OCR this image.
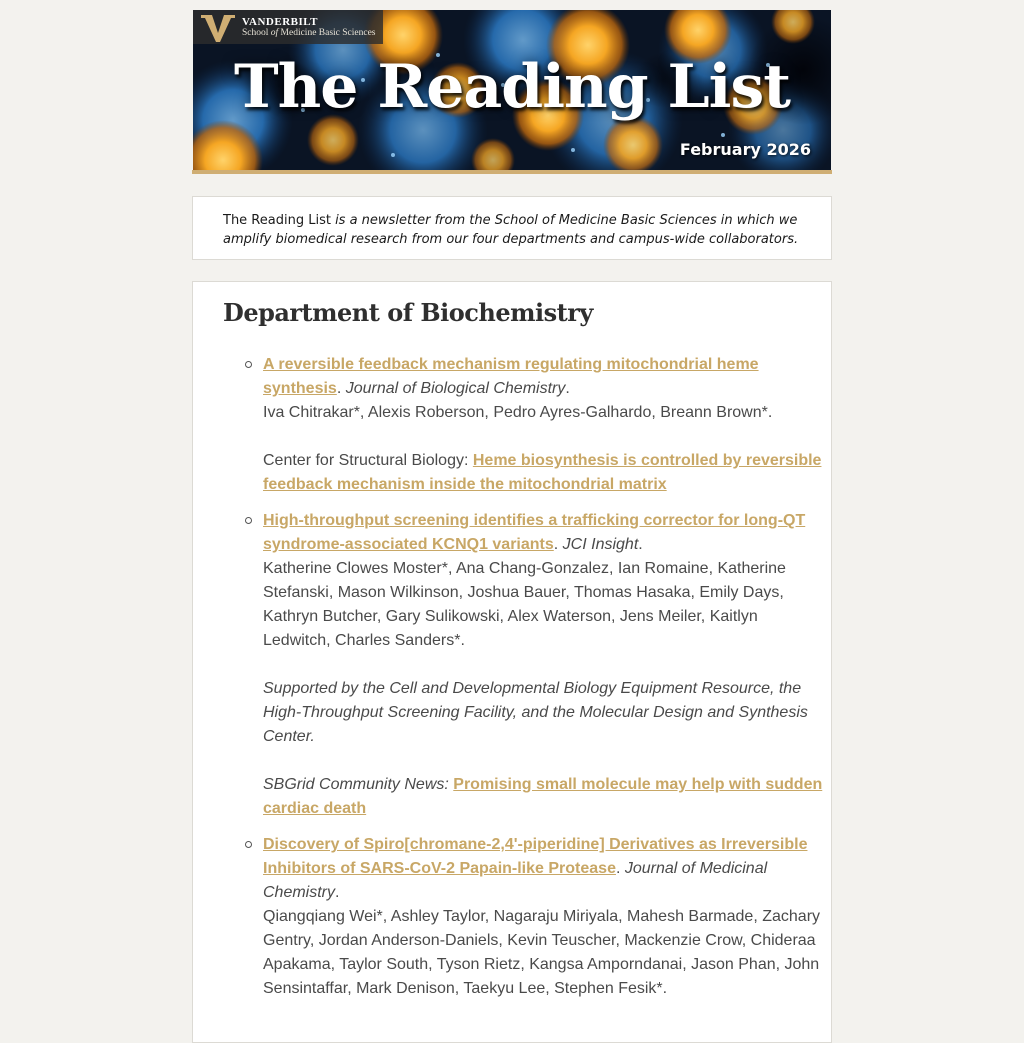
VANDERBILT
School of Medicine Basic Sciences
The Reading List
February 2026

The Reading List is a newsletter from the School of Medicine Basic Sciences in which we amplify biomedical research from our four departments and campus-wide collaborators.

Department of Biochemistry
A reversible feedback mechanism regulating mitochondrial heme synthesis. Journal of Biological Chemistry.
Iva Chitrakar*, Alexis Roberson, Pedro Ayres-Galhardo, Breann Brown*.
Center for Structural Biology: Heme biosynthesis is controlled by reversible feedback mechanism inside the mitochondrial matrix
High-throughput screening identifies a trafficking corrector for long-QT syndrome-associated KCNQ1 variants. JCI Insight.
Katherine Clowes Moster*, Ana Chang-Gonzalez, Ian Romaine, Katherine Stefanski, Mason Wilkinson, Joshua Bauer, Thomas Hasaka, Emily Days, Kathryn Butcher, Gary Sulikowski, Alex Waterson, Jens Meiler, Kaitlyn Ledwitch, Charles Sanders*.
Supported by the Cell and Developmental Biology Equipment Resource, the High-Throughput Screening Facility, and the Molecular Design and Synthesis Center.
SBGrid Community News: Promising small molecule may help with sudden cardiac death
Discovery of Spiro[chromane-2,4'-piperidine] Derivatives as Irreversible Inhibitors of SARS-CoV-2 Papain-like Protease. Journal of Medicinal Chemistry.
Qiangqiang Wei*, Ashley Taylor, Nagaraju Miriyala, Mahesh Barmade, Zachary Gentry, Jordan Anderson-Daniels, Kevin Teuscher, Mackenzie Crow, Chideraa Apakama, Taylor South, Tyson Rietz, Kangsa Amporndanai, Jason Phan, John Sensintaffar, Mark Denison, Taekyu Lee, Stephen Fesik*.
